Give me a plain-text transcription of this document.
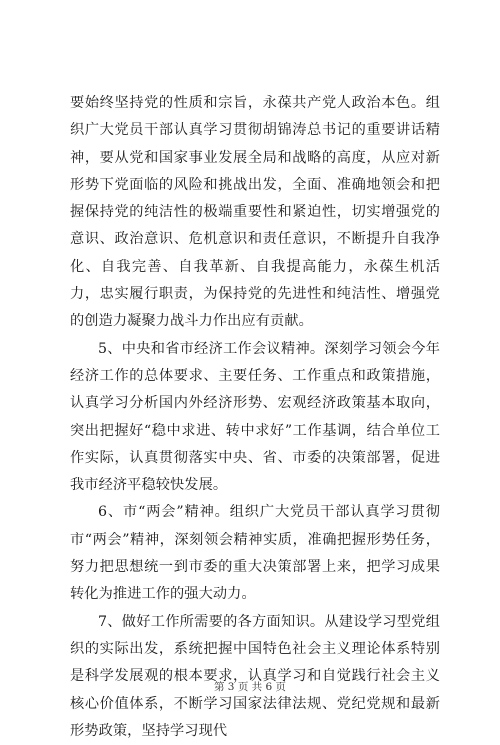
要始终坚持党的性质和宗旨，永葆共产党人政治本色。组织广大党员干部认真学习贯彻胡锦涛总书记的重要讲话精神，要从党和国家事业发展全局和战略的高度，从应对新形势下党面临的风险和挑战出发，全面、准确地领会和把握保持党的纯洁性的极端重要性和紧迫性，切实增强党的意识、政治意识、危机意识和责任意识，不断提升自我净化、自我完善、自我革新、自我提高能力，永葆生机活力，忠实履行职责，为保持党的先进性和纯洁性、增强党的创造力凝聚力战斗力作出应有贡献。

5、中央和省市经济工作会议精神。深刻学习领会今年经济工作的总体要求、主要任务、工作重点和政策措施，认真学习分析国内外经济形势、宏观经济政策基本取向，突出把握好“稳中求进、转中求好”工作基调，结合单位工作实际，认真贯彻落实中央、省、市委的决策部署，促进我市经济平稳较快发展。

6、市“两会”精神。组织广大党员干部认真学习贯彻市“两会”精神，深刻领会精神实质，准确把握形势任务，努力把思想统一到市委的重大决策部署上来，把学习成果转化为推进工作的强大动力。

7、做好工作所需要的各方面知识。从建设学习型党组织的实际出发，系统把握中国特色社会主义理论体系特别是科学发展观的根本要求，认真学习和自觉践行社会主义核心价值体系，不断学习国家法律法规、党纪党规和最新形势政策，坚持学习现代

第 3 页 共 6 页
